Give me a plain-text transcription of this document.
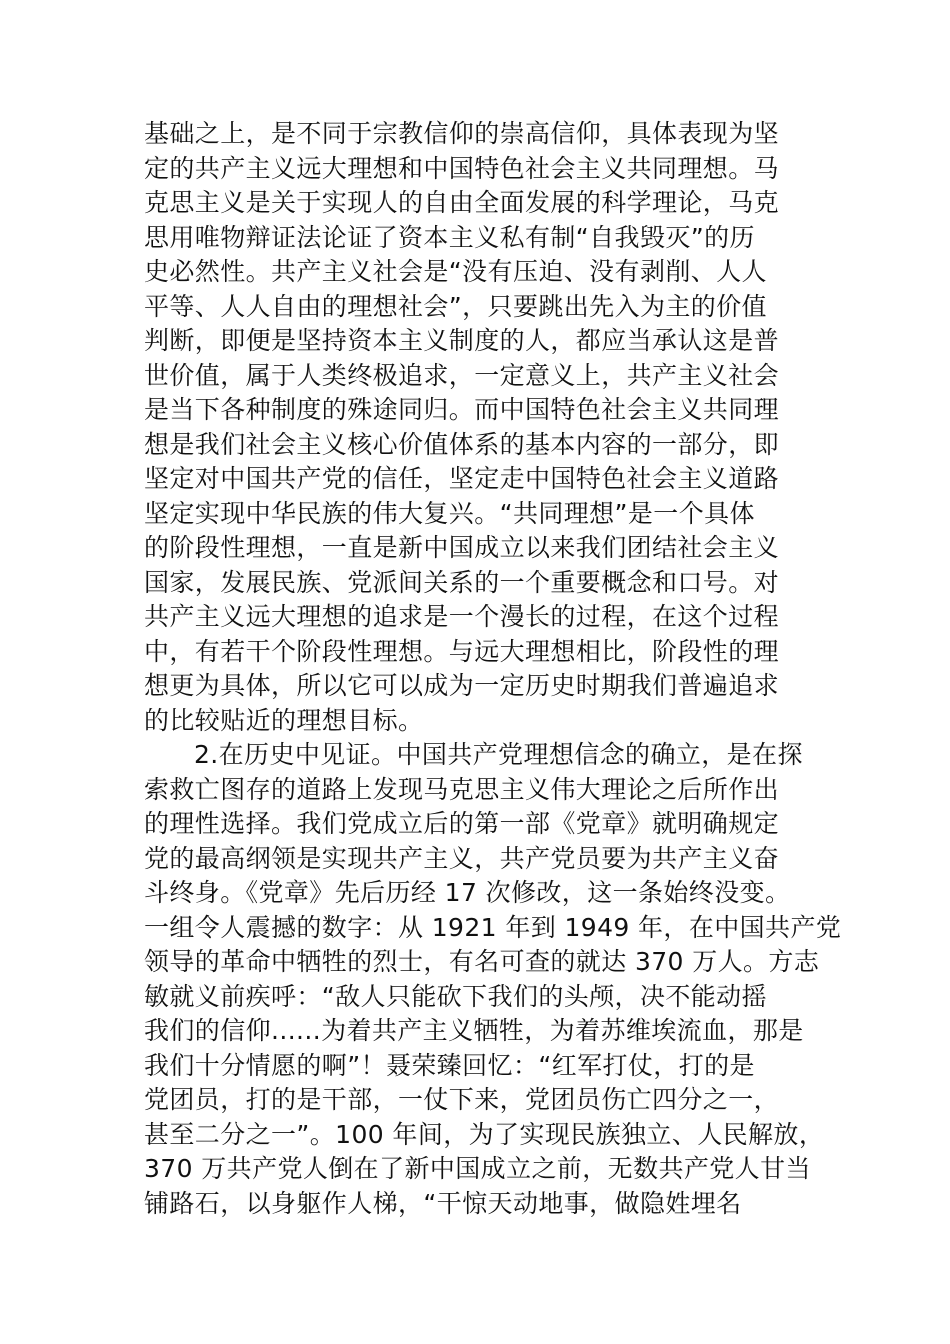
基础之上，是不同于宗教信仰的崇高信仰，具体表现为坚
定的共产主义远大理想和中国特色社会主义共同理想。马
克思主义是关于实现人的自由全面发展的科学理论，马克
思用唯物辩证法论证了资本主义私有制“自我毁灭”的历
史必然性。共产主义社会是“没有压迫、没有剥削、人人
平等、人人自由的理想社会”，只要跳出先入为主的价值
判断，即便是坚持资本主义制度的人，都应当承认这是普
世价值，属于人类终极追求，一定意义上，共产主义社会
是当下各种制度的殊途同归。而中国特色社会主义共同理
想是我们社会主义核心价值体系的基本内容的一部分，即
坚定对中国共产党的信任，坚定走中国特色社会主义道路
坚定实现中华民族的伟大复兴。“共同理想”是一个具体
的阶段性理想，一直是新中国成立以来我们团结社会主义
国家，发展民族、党派间关系的一个重要概念和口号。对
共产主义远大理想的追求是一个漫长的过程，在这个过程
中，有若干个阶段性理想。与远大理想相比，阶段性的理
想更为具体，所以它可以成为一定历史时期我们普遍追求
的比较贴近的理想目标。
2.在历史中见证。中国共产党理想信念的确立，是在探
索救亡图存的道路上发现马克思主义伟大理论之后所作出
的理性选择。我们党成立后的第一部《党章》就明确规定
党的最高纲领是实现共产主义，共产党员要为共产主义奋
斗终身。《党章》先后历经 17 次修改，这一条始终没变。
一组令人震撼的数字：从 1921 年到 1949 年，在中国共产党
领导的革命中牺牲的烈士，有名可查的就达 370 万人。方志
敏就义前疾呼：“敌人只能砍下我们的头颅，决不能动摇
我们的信仰......为着共产主义牺牲，为着苏维埃流血，那是
我们十分情愿的啊”！聂荣臻回忆：“红军打仗，打的是
党团员，打的是干部，一仗下来，党团员伤亡四分之一，
甚至二分之一”。100 年间，为了实现民族独立、人民解放，
370 万共产党人倒在了新中国成立之前，无数共产党人甘当
铺路石，以身躯作人梯，“干惊天动地事，做隐姓埋名
